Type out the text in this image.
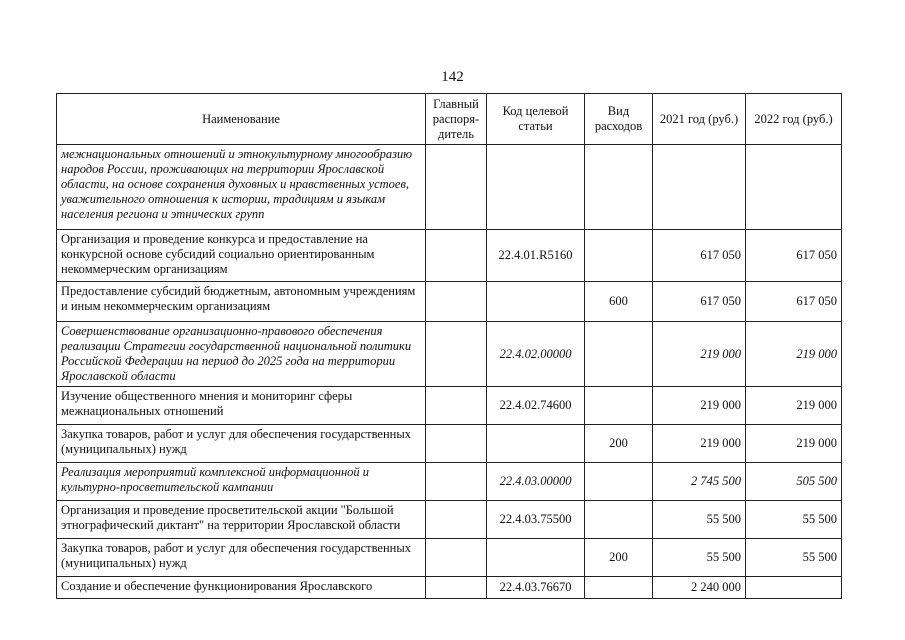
142
Наименование	Главный распоря-дитель	Код целевой статьи	Вид расходов	2021 год (руб.)	2022 год (руб.)
межнациональных отношений и этнокультурному многообразию народов России, проживающих на территории Ярославской области, на основе сохранения духовных и нравственных устоев, уважительного отношения к истории, традициям и языкам населения региона и этнических групп					
Организация и проведение конкурса и предоставление на конкурсной основе субсидий социально ориентированным некоммерческим организациям		22.4.01.R5160		617 050	617 050
Предоставление субсидий бюджетным, автономным учреждениям и иным некоммерческим организациям			600	617 050	617 050
Совершенствование организационно-правового обеспечения реализации Стратегии государственной национальной политики Российской Федерации на период до 2025 года на территории Ярославской области		22.4.02.00000		219 000	219 000
Изучение общественного мнения и мониторинг сферы межнациональных отношений		22.4.02.74600		219 000	219 000
Закупка товаров, работ и услуг для обеспечения государственных (муниципальных) нужд			200	219 000	219 000
Реализация мероприятий комплексной информационной и культурно-просветительской кампании		22.4.03.00000		2 745 500	505 500
Организация и проведение просветительской акции "Большой этнографический диктант" на территории Ярославской области		22.4.03.75500		55 500	55 500
Закупка товаров, работ и услуг для обеспечения государственных (муниципальных) нужд			200	55 500	55 500
Создание и обеспечение функционирования Ярославского		22.4.03.76670		2 240 000	
